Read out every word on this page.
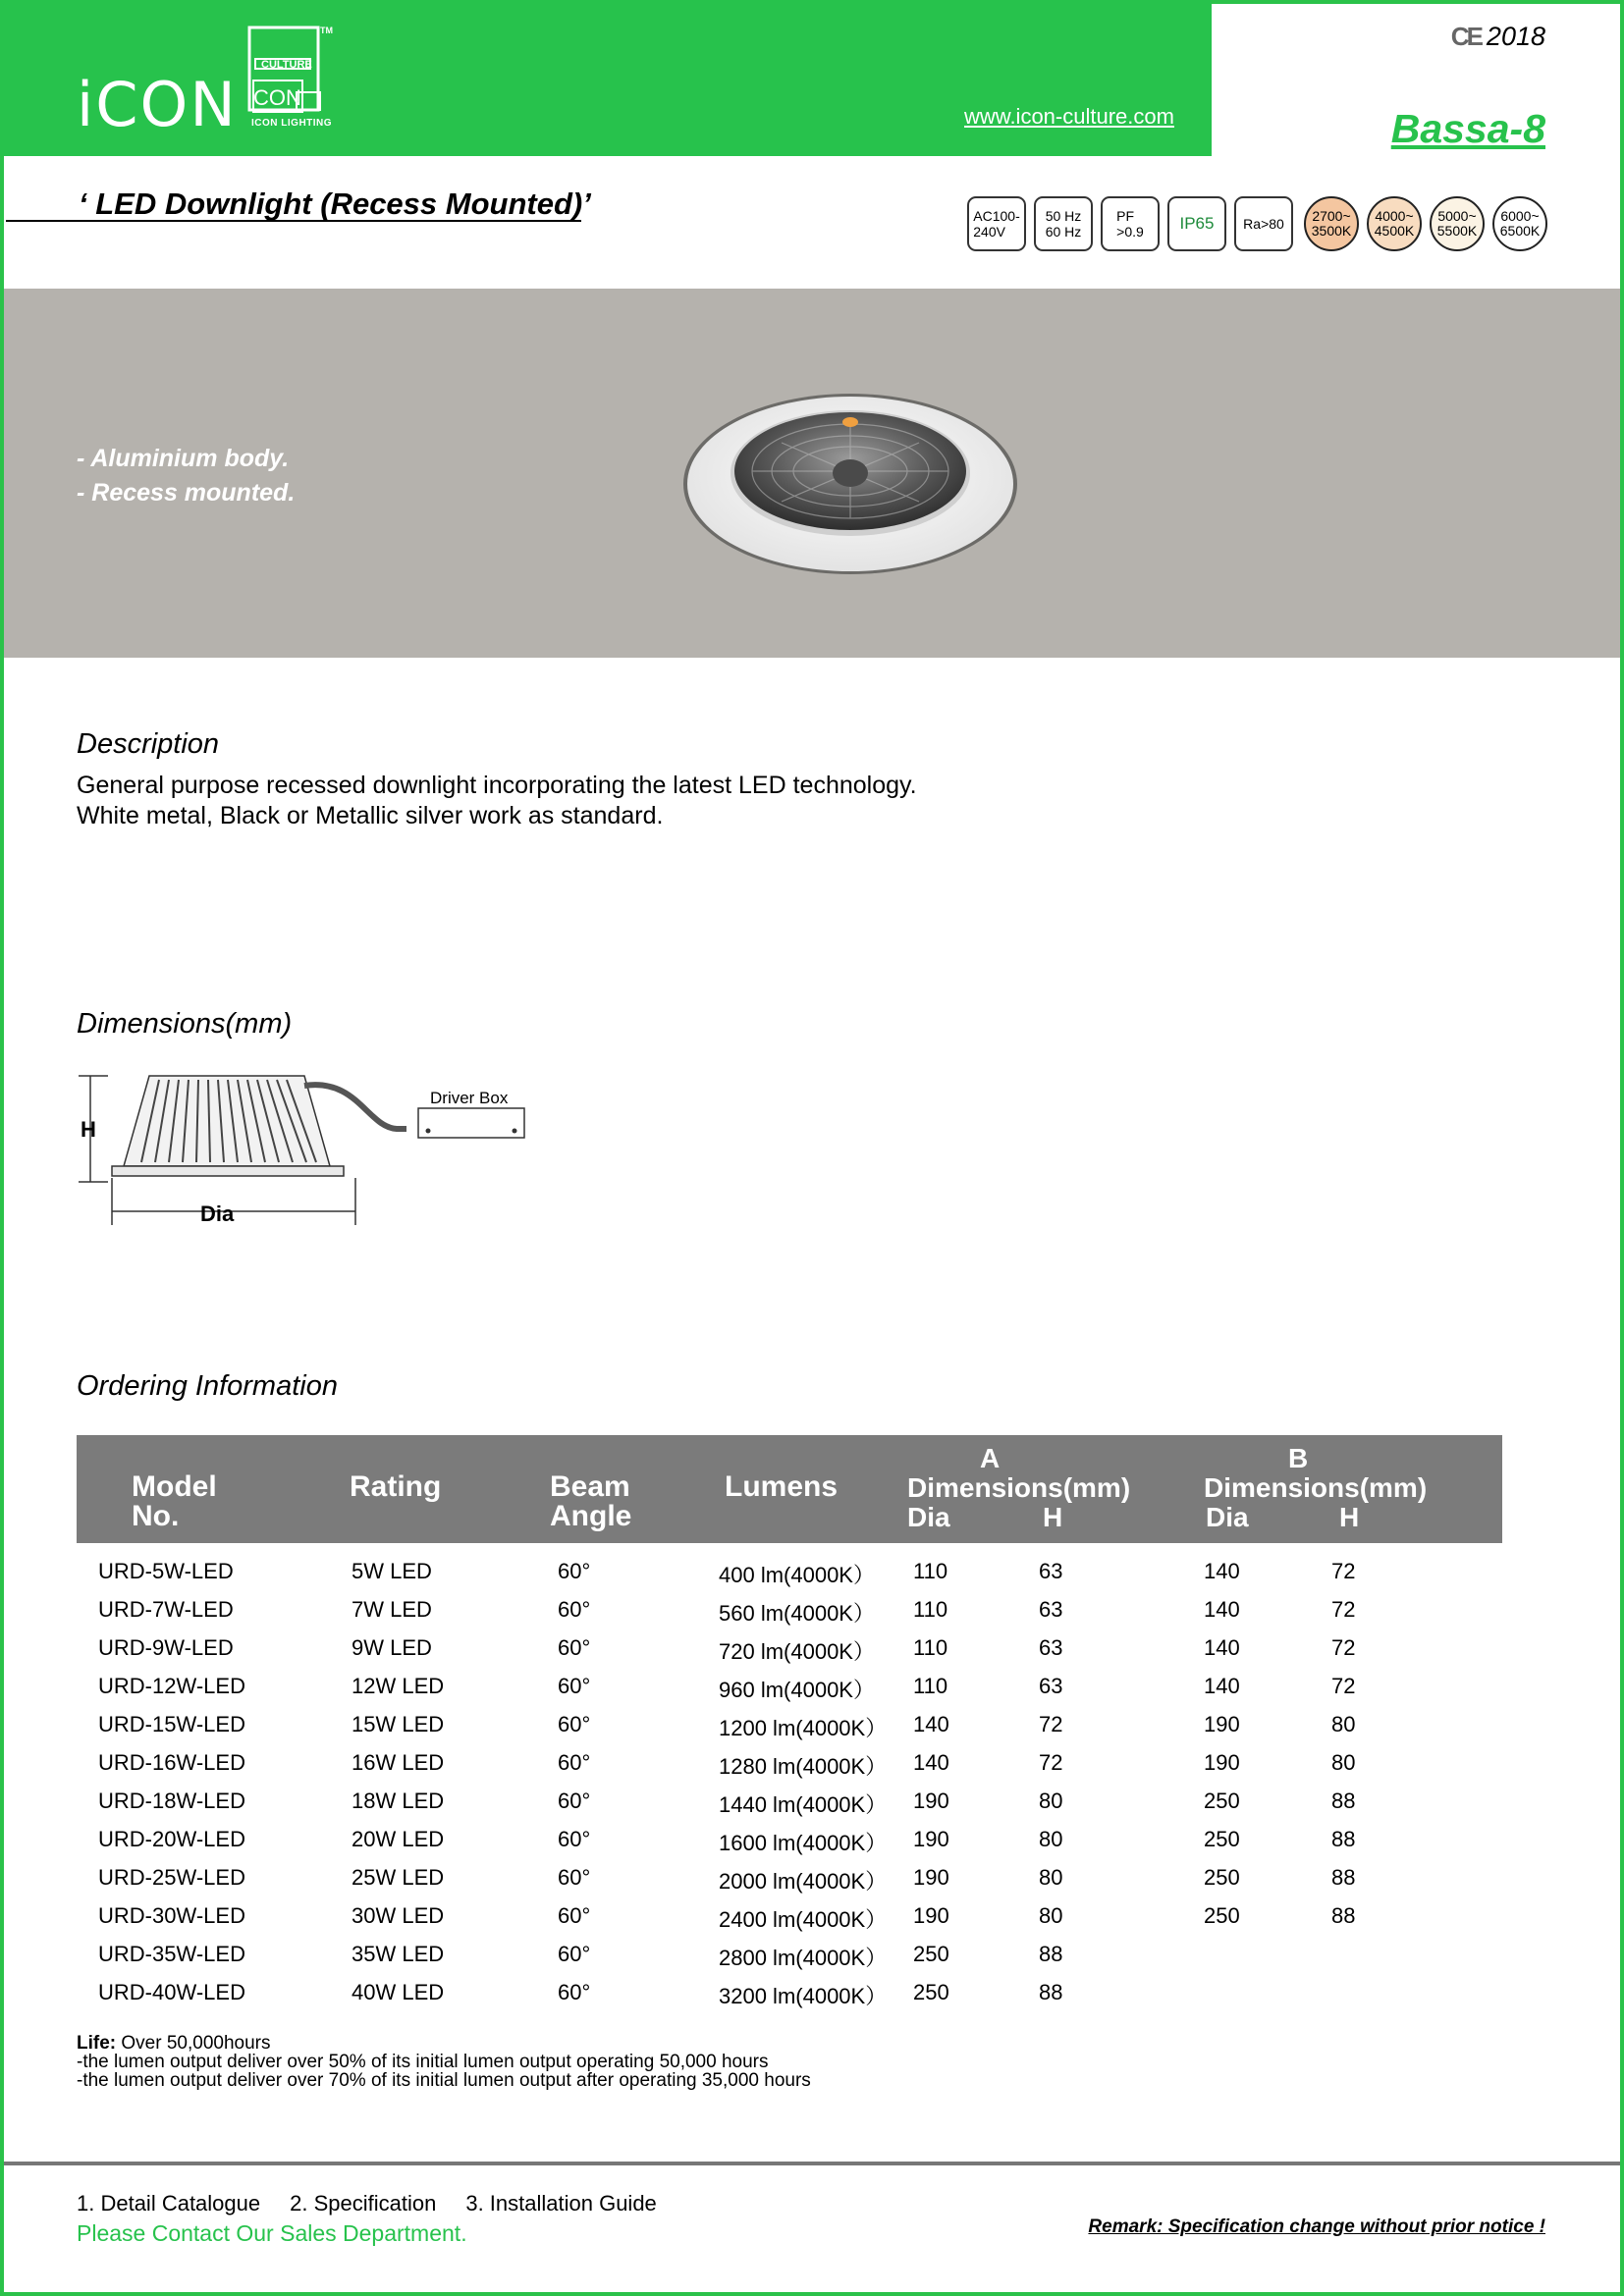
iCON
CULTURE
CON
TM
ICON LIGHTING	www.icon-culture.com
CE 2018
Bassa-8
‘ LED Downlight (Recess Mounted)’	AC100-
240V
50 Hz
60 Hz
PF
>0.9	IP65	Ra>80	2700~
3500K
4000~
4500K
5000~
5500K
6000~
6500K
- Aluminium body.
- Recess mounted.
Description
General purpose recessed downlight incorporating the latest LED technology.
White metal, Black or Metallic silver work as standard.
Dimensions(mm)
H
Driver Box
Dia
Ordering Information
Model
No.
Rating	Beam
Angle
Lumens
A
Dimensions(mm)
Dia	H
B
Dimensions(mm)
Dia	H
URD-5W-LED	5W LED	60°	400 lm(4000K） 110	63	140	72
URD-7W-LED	7W LED	60°	560 lm(4000K） 110	63	140	72
URD-9W-LED	9W LED	60°	720 lm(4000K） 110	63	140	72
URD-12W-LED	12W LED	60°	960 lm(4000K） 110	63	140	72
URD-15W-LED	15W LED	60°	1200 lm(4000K） 140	72	190	80
URD-16W-LED	16W LED	60°	1280 lm(4000K） 140	72	190	80
URD-18W-LED	18W LED	60°	1440 lm(4000K） 190	80	250	88
URD-20W-LED	20W LED	60°	1600 lm(4000K） 190	80	250	88
URD-25W-LED	25W LED	60°	2000 lm(4000K） 190	80	250	88
URD-30W-LED	30W LED	60°	2400 lm(4000K） 190	80	250	88
URD-35W-LED	35W LED	60°	2800 lm(4000K） 250	88
URD-40W-LED	40W LED	60°	3200 lm(4000K） 250	88
Life: Over 50,000hours
-the lumen output deliver over 50% of its initial lumen output operating 50,000 hours
-the lumen output deliver over 70% of its initial lumen output after operating 35,000 hours
1. Detail Catalogue 2. Specification 3. Installation Guide
Please Contact Our Sales Department.	Remark: Specification change without prior notice !
